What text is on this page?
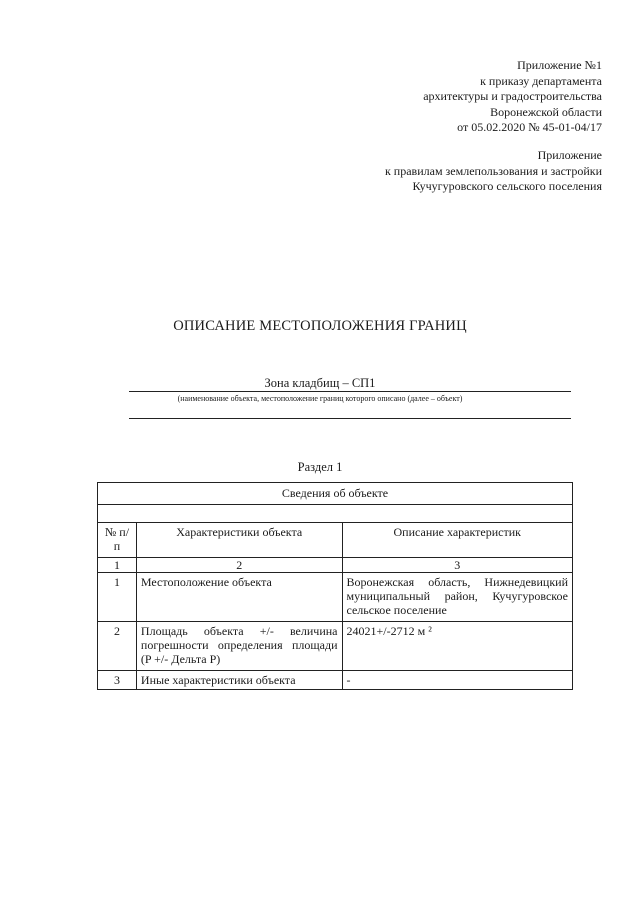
Приложение №1
к приказу департамента
архитектуры и градостроительства
Воронежской области
от 05.02.2020 № 45-01-04/17
Приложение
к правилам землепользования и застройки
Кучугуровского сельского поселения
ОПИСАНИЕ МЕСТОПОЛОЖЕНИЯ ГРАНИЦ
Зона кладбищ – СП1
(наименование объекта, местоположение границ которого описано (далее – объект)
Раздел 1
Сведения об объекте		

№ п/п	Характеристики объекта	Описание характеристик
1	2	3
1	Местоположение объекта	Воронежская область, Нижнедевицкий муниципальный район, Кучугуровское сельское поселение
2	Площадь объекта +/- величина погрешности определения площади (P +/- Дельта P)	24021+/-2712 м ²
3	Иные характеристики объекта	-
